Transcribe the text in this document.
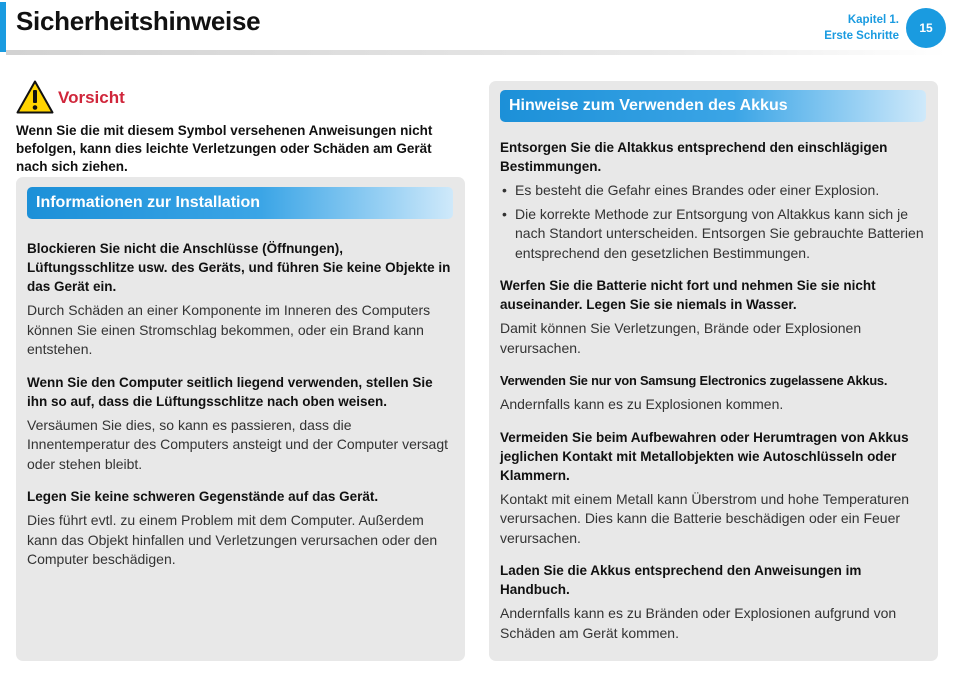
Sicherheitshinweise	Kapitel 1.
Erste Schritte
15
Vorsicht

Wenn Sie die mit diesem Symbol versehenen Anweisungen nicht befolgen, kann dies leichte Verletzungen oder Schäden am Gerät nach sich ziehen.

Informationen zur Installation
Blockieren Sie nicht die Anschlüsse (Öffnungen), Lüftungsschlitze usw. des Geräts, und führen Sie keine Objekte in das Gerät ein.

Durch Schäden an einer Komponente im Inneren des Computers können Sie einen Stromschlag bekommen, oder ein Brand kann entstehen.

Wenn Sie den Computer seitlich liegend verwenden, stellen Sie ihn so auf, dass die Lüftungsschlitze nach oben weisen.

Versäumen Sie dies, so kann es passieren, dass die Innentemperatur des Computers ansteigt und der Computer versagt oder stehen bleibt.

Legen Sie keine schweren Gegenstände auf das Gerät.

Dies führt evtl. zu einem Problem mit dem Computer. Außerdem kann das Objekt hinfallen und Verletzungen verursachen oder den Computer beschädigen.

Hinweise zum Verwenden des Akkus
Entsorgen Sie die Altakkus entsprechend den einschlägigen Bestimmungen.
• Es besteht die Gefahr eines Brandes oder einer Explosion.
• Die korrekte Methode zur Entsorgung von Altakkus kann sich je nach Standort unterscheiden. Entsorgen Sie gebrauchte Batterien entsprechend den gesetzlichen Bestimmungen.
Werfen Sie die Batterie nicht fort und nehmen Sie sie nicht auseinander. Legen Sie sie niemals in Wasser.

Damit können Sie Verletzungen, Brände oder Explosionen verursachen.

Verwenden Sie nur von Samsung Electronics zugelassene Akkus.

Andernfalls kann es zu Explosionen kommen.

Vermeiden Sie beim Aufbewahren oder Herumtragen von Akkus jeglichen Kontakt mit Metallobjekten wie Autoschlüsseln oder Klammern.

Kontakt mit einem Metall kann Überstrom und hohe Temperaturen verursachen. Dies kann die Batterie beschädigen oder ein Feuer verursachen.

Laden Sie die Akkus entsprechend den Anweisungen im Handbuch.

Andernfalls kann es zu Bränden oder Explosionen aufgrund von Schäden am Gerät kommen.
